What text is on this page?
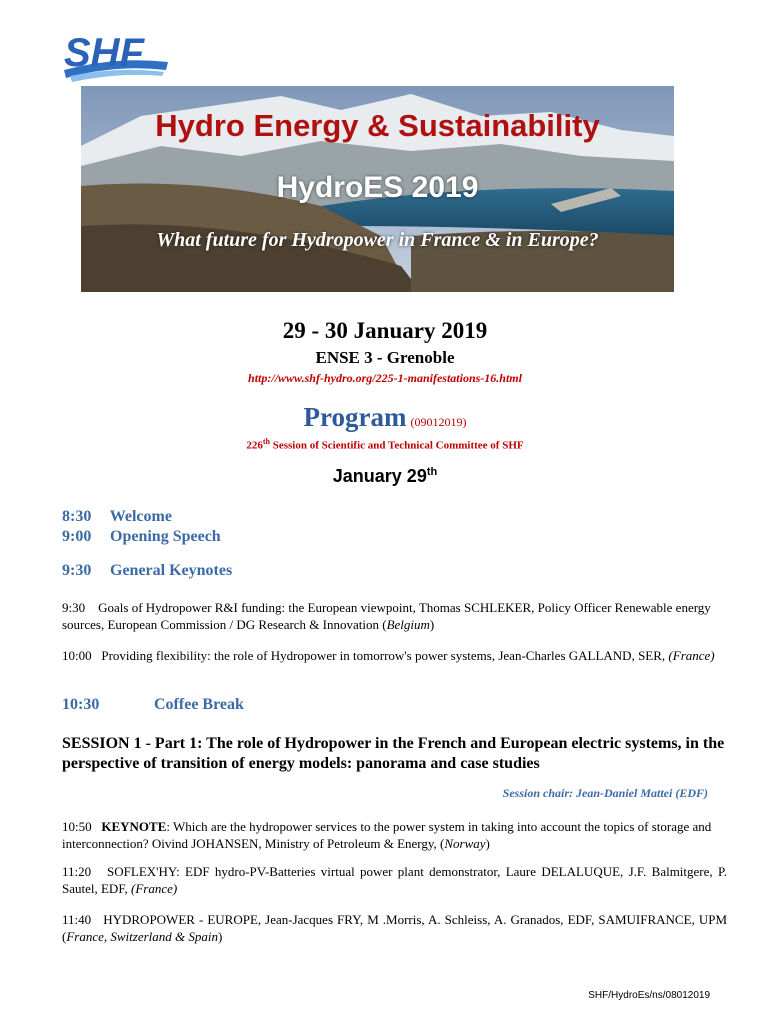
SHF
Hydro Energy & Sustainability
HydroES 2019
What future for Hydropower in France & in Europe?
29 - 30 January 2019
ENSE 3 - Grenoble
http://www.shf-hydro.org/225-1-manifestations-16.html
Program (09012019)
226th Session of Scientific and Technical Committee of SHF
January 29th
8:30 Welcome
9:00 Opening Speech
9:30 General Keynotes
9:30 Goals of Hydropower R&I funding: the European viewpoint, Thomas SCHLEKER, Policy Officer Renewable energy sources, European Commission / DG Research & Innovation (Belgium)
10:00 Providing flexibility: the role of Hydropower in tomorrow's power systems, Jean-Charles GALLAND, SER, (France)
10:30	Coffee Break
SESSION 1 - Part 1: The role of Hydropower in the French and European electric systems, in the perspective of transition of energy models: panorama and case studies
Session chair: Jean-Daniel Mattei (EDF)
10:50 KEYNOTE: Which are the hydropower services to the power system in taking into account the topics of storage and interconnection? Oivind JOHANSEN, Ministry of Petroleum & Energy, (Norway)
11:20 SOFLEX'HY: EDF hydro-PV-Batteries virtual power plant demonstrator, Laure DELALUQUE, J.F. Balmitgere, P. Sautel, EDF, (France)
11:40 HYDROPOWER - EUROPE, Jean-Jacques FRY, M .Morris, A. Schleiss, A. Granados, EDF, SAMUIFRANCE, UPM (France, Switzerland & Spain)
SHF/HydroEs/ns/08012019
